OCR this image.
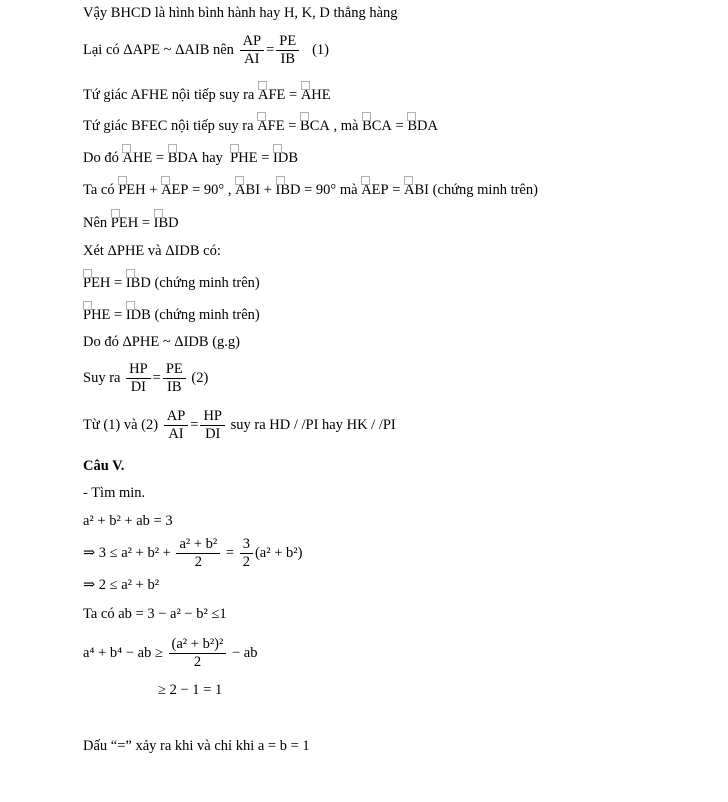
Vậy BHCD là hình bình hành hay H, K, D thẳng hàng
Lại có ΔAPE ~ ΔAIB nên $\frac{AP}{AI} = \frac{PE}{IB} (1)$
Tứ giác AFHE nội tiếp suy ra AFE = AHE
Tứ giác BFEC nội tiếp suy ra AFE = BCA , mà BCA = BDA
Do đó AHE = BDA hay  PHE = IDB
Ta có PEH + AEP = 90° , ABI + IBD = 90° mà AEP = ABI (chứng minh trên)
Nên PEH = IBD
Xét ΔPHE và ΔIDB có:
PEH = IBD (chứng minh trên)
PHE = IDB (chứng minh trên)
Do đó ΔPHE ~ ΔIDB (g.g)
Suy ra $\frac{HP}{DI} = \frac{PE}{IB} (2)$
Từ (1) và $(2) \frac{AP}{AI} = \frac{HP}{DI}$ suy ra HD / /PI hay HK / /PI
Câu V.
- Tìm min.
a² + b² + ab = 3
⇒ $3 \le a^2 + b^2 + \frac{\text{a² + b²}}{2} = \frac{3}{2} (a^2 + b^2)$
⇒ 2 ≤ a² + b²
Ta có ab = 3 − a² − b² ≤1
a⁴ + b⁴ − ab ≥ $\frac{\text{(a² + b²)²}}{2}$ − ab
≥ 2 − 1 = 1
Dấu “=” xảy ra khi và chỉ khi a = b = 1
